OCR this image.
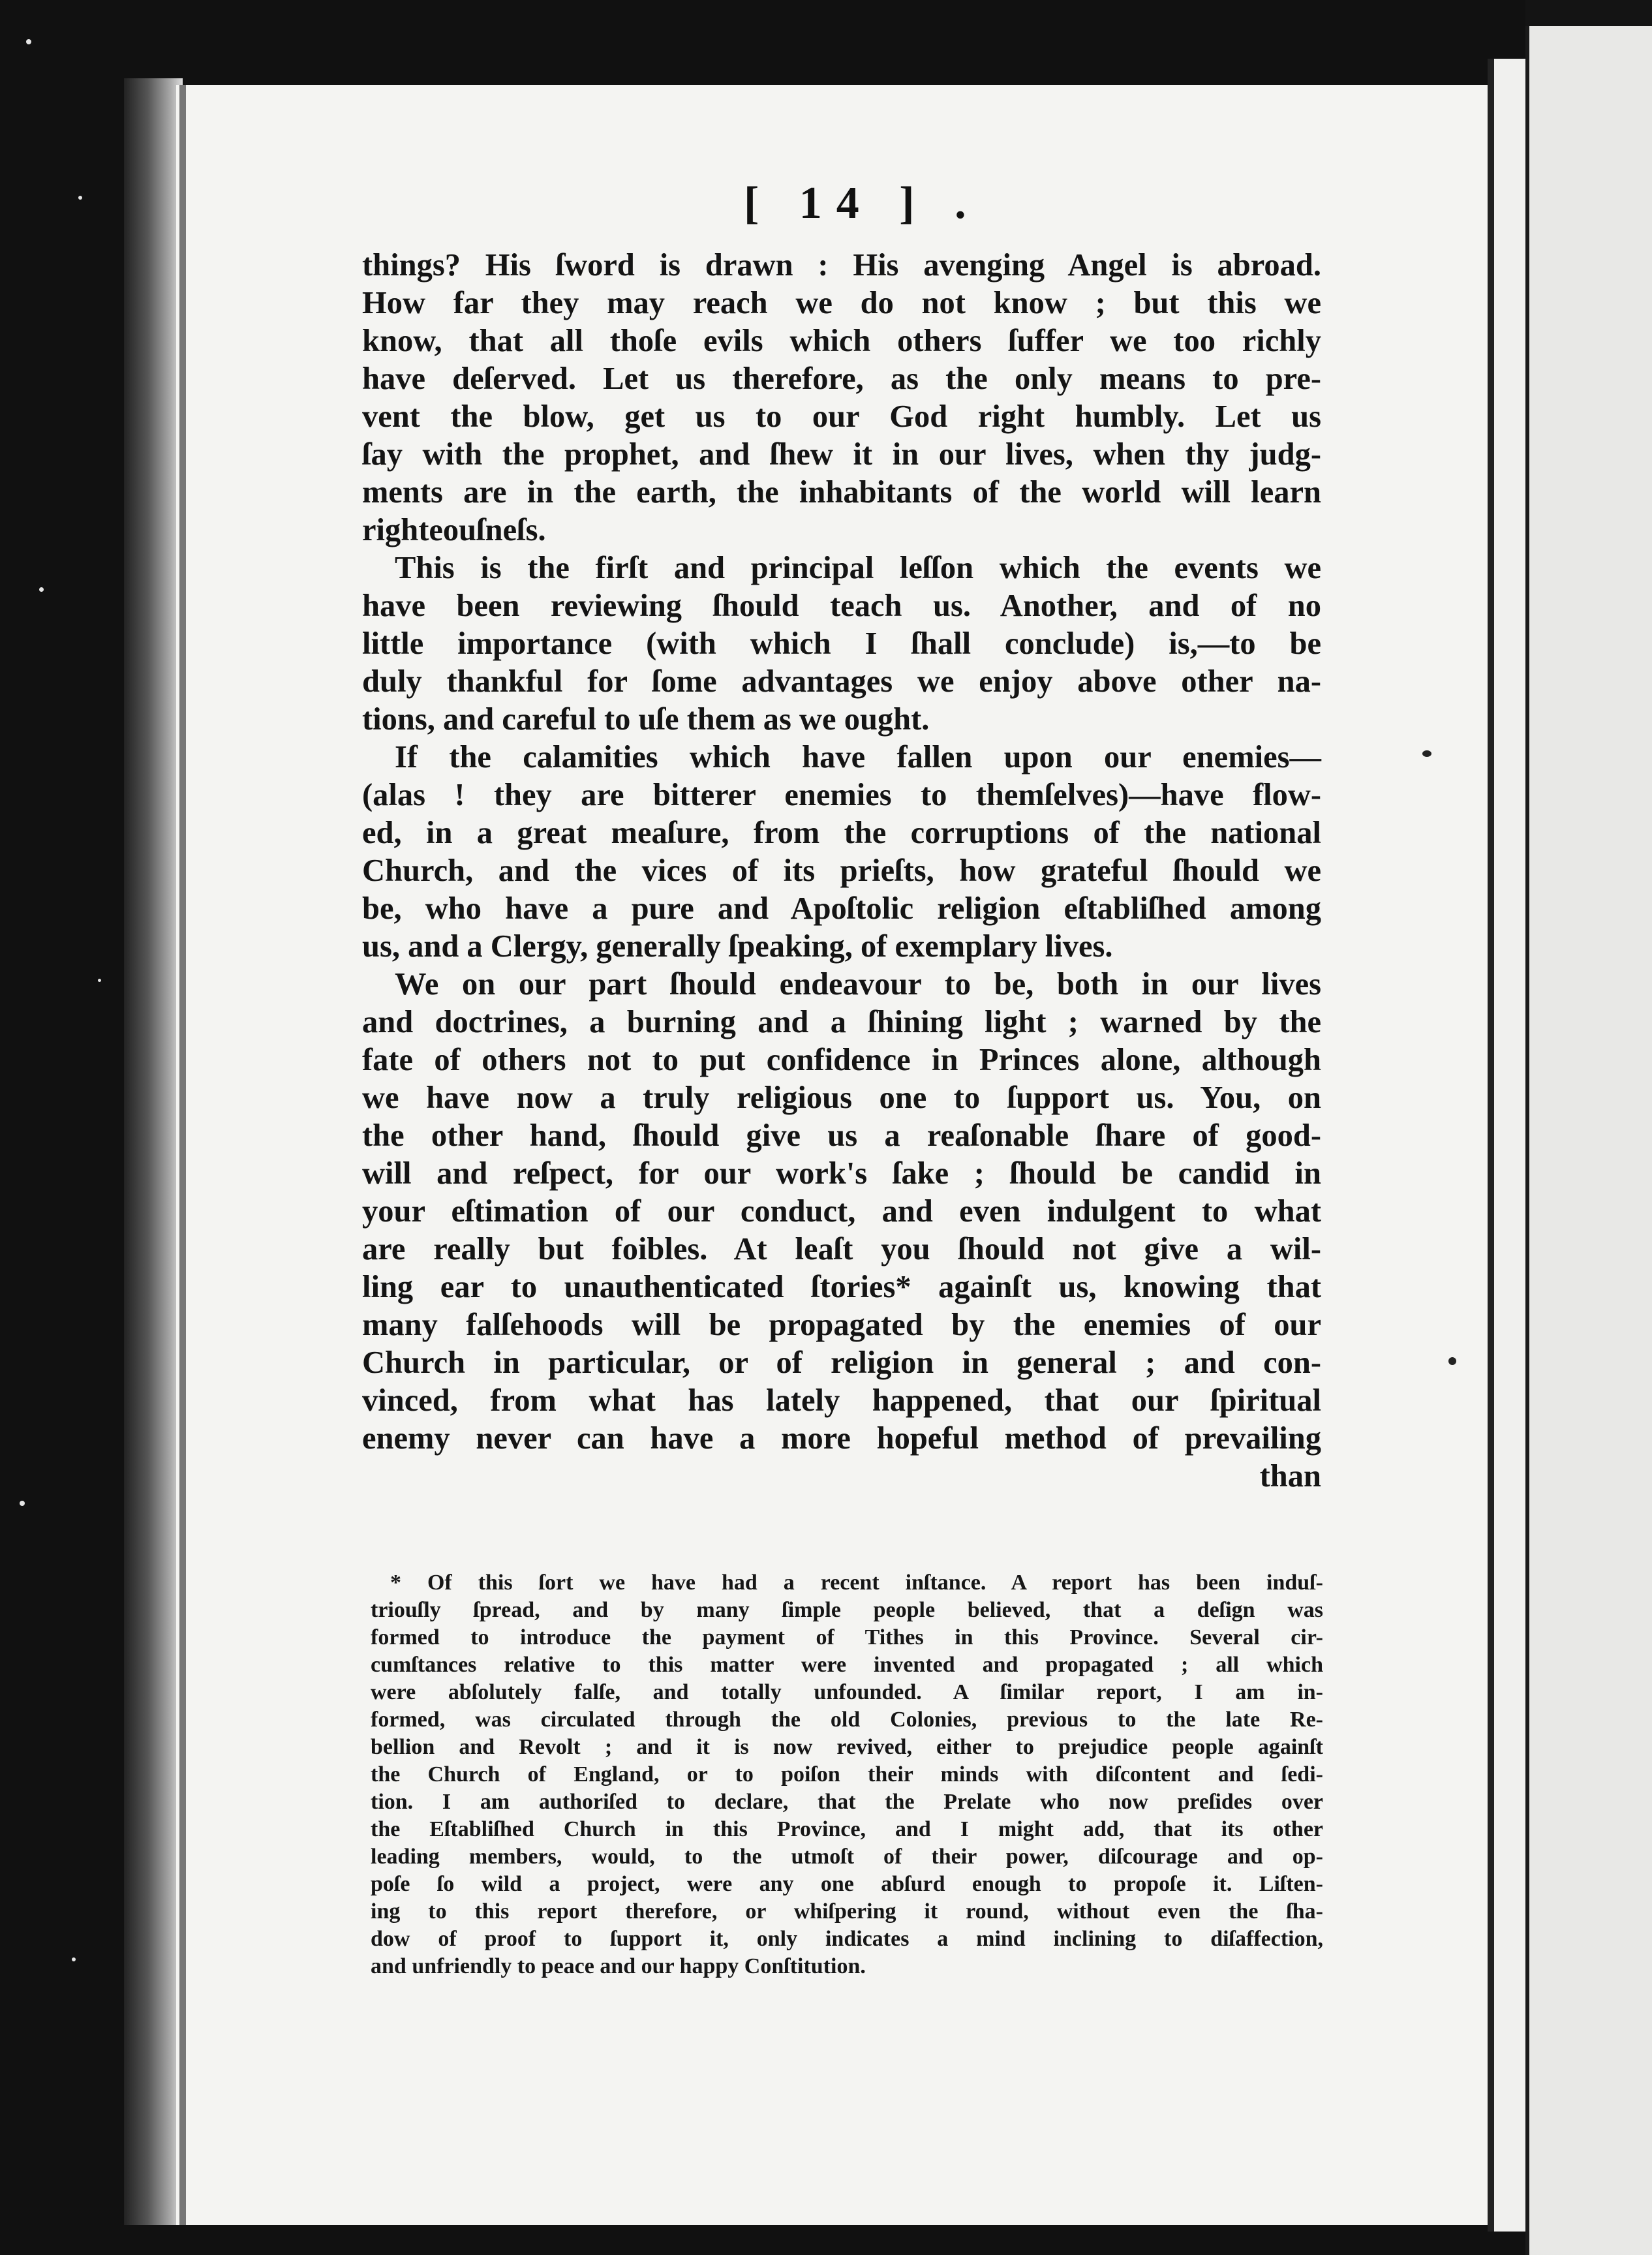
[ 14 ] .
things? His ſword is drawn : His avenging Angel is abroad.
How far they may reach we do not know ; but this we
know, that all thoſe evils which others ſuffer we too richly
have deſerved. Let us therefore, as the only means to pre-
vent the blow, get us to our God right humbly. Let us
ſay with the prophet, and ſhew it in our lives, when thy judg-
ments are in the earth, the inhabitants of the world will learn
righteouſneſs.
This is the firſt and principal leſſon which the events we
have been reviewing ſhould teach us. Another, and of no
little importance (with which I ſhall conclude) is,—to be
duly thankful for ſome advantages we enjoy above other na-
tions, and careful to uſe them as we ought.
If the calamities which have fallen upon our enemies—
(alas ! they are bitterer enemies to themſelves)—have flow-
ed, in a great meaſure, from the corruptions of the national
Church, and the vices of its prieſts, how grateful ſhould we
be, who have a pure and Apoſtolic religion eſtabliſhed among
us, and a Clergy, generally ſpeaking, of exemplary lives.
We on our part ſhould endeavour to be, both in our lives
and doctrines, a burning and a ſhining light ; warned by the
fate of others not to put confidence in Princes alone, although
we have now a truly religious one to ſupport us. You, on
the other hand, ſhould give us a reaſonable ſhare of good-
will and reſpect, for our work's ſake ; ſhould be candid in
your eſtimation of our conduct, and even indulgent to what
are really but foibles. At leaſt you ſhould not give a wil-
ling ear to unauthenticated ſtories* againſt us, knowing that
many falſehoods will be propagated by the enemies of our
Church in particular, or of religion in general ; and con-
vinced, from what has lately happened, that our ſpiritual
enemy never can have a more hopeful method of prevailing
than
* Of this ſort we have had a recent inſtance. A report has been induſ-
triouſly ſpread, and by many ſimple people believed, that a deſign was
formed to introduce the payment of Tithes in this Province. Several cir-
cumſtances relative to this matter were invented and propagated ; all which
were abſolutely falſe, and totally unfounded. A ſimilar report, I am in-
formed, was circulated through the old Colonies, previous to the late Re-
bellion and Revolt ; and it is now revived, either to prejudice people againſt
the Church of England, or to poiſon their minds with diſcontent and ſedi-
tion. I am authoriſed to declare, that the Prelate who now preſides over
the Eſtabliſhed Church in this Province, and I might add, that its other
leading members, would, to the utmoſt of their power, diſcourage and op-
poſe ſo wild a project, were any one abſurd enough to propoſe it. Liſten-
ing to this report therefore, or whiſpering it round, without even the ſha-
dow of proof to ſupport it, only indicates a mind inclining to diſaffection,
and unfriendly to peace and our happy Conſtitution.
